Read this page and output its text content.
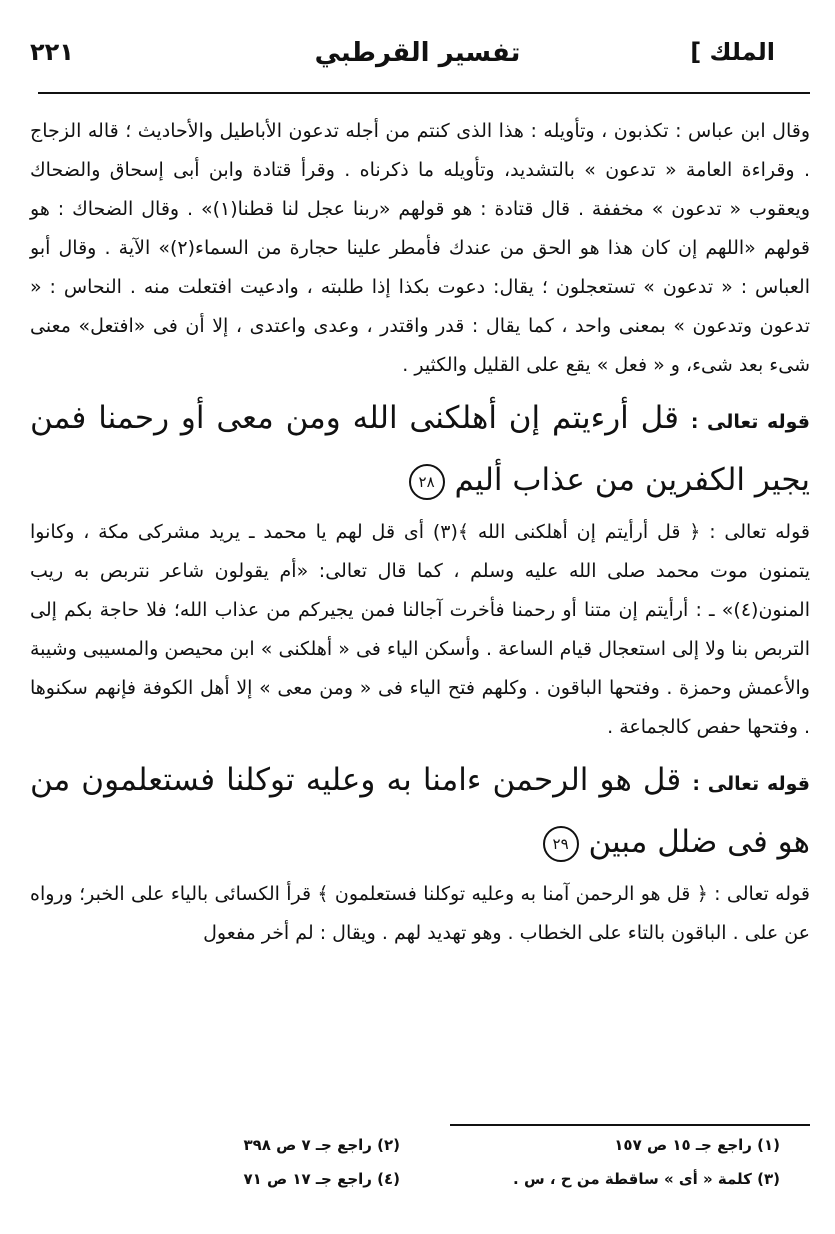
الملك ]
تفسير القرطبي
٢٢١

وقال ابن عباس : تكذبون ، وتأويله : هذا الذى كنتم من أجله تدعون الأباطيل والأحاديث ؛ قاله الزجاج . وقراءة العامة « تدعون » بالتشديد، وتأويله ما ذكرناه . وقرأ قتادة وابن أبى إسحاق والضحاك ويعقوب « تدعون » مخففة . قال قتادة : هو قولهم «ربنا عجل لنا قطنا(١)» . وقال الضحاك : هو قولهم «اللهم إن كان هذا هو الحق من عندك فأمطر علينا حجارة من السماء(٢)» الآية . وقال أبو العباس : « تدعون » تستعجلون ؛ يقال: دعوت بكذا إذا طلبته ، وادعيت افتعلت منه . النحاس : « تدعون وتدعون » بمعنى واحد ، كما يقال : قدر واقتدر ، وعدى واعتدى ، إلا أن فى «افتعل» معنى شىء بعد شىء، و « فعل » يقع على القليل والكثير .

قوله تعالى : قل أرءيتم إن أهلكنى الله ومن معى أو رحمنا فمن يجير الكفرين من عذاب أليم ٢٨

قوله تعالى : ﴿ قل أرأيتم إن أهلكنى الله ﴾(٣) أى قل لهم يا محمد ـ يريد مشركى مكة ، وكانوا يتمنون موت محمد صلى الله عليه وسلم ، كما قال تعالى: «أم يقولون شاعر نتربص به ريب المنون(٤)» ـ : أرأيتم إن متنا أو رحمنا فأخرت آجالنا فمن يجيركم من عذاب الله؛ فلا حاجة بكم إلى التربص بنا ولا إلى استعجال قيام الساعة . وأسكن الياء فى « أهلكنى » ابن محيصن والمسيبى وشيبة والأعمش وحمزة . وفتحها الباقون . وكلهم فتح الياء فى « ومن معى » إلا أهل الكوفة فإنهم سكنوها . وفتحها حفص كالجماعة .

قوله تعالى : قل هو الرحمن ءامنا به وعليه توكلنا فستعلمون من هو فى ضلل مبين ٢٩

قوله تعالى : ﴿ قل هو الرحمن آمنا به وعليه توكلنا فستعلمون ﴾ قرأ الكسائى بالياء على الخبر؛ ورواه عن على . الباقون بالتاء على الخطاب . وهو تهديد لهم . ويقال : لم أخر مفعول

(١) راجع جـ ١٥ ص ١٥٧
(٢) راجع جـ ٧ ص ٣٩٨
(٣) كلمة « أى » ساقطة من ح ، س .
(٤) راجع جـ ١٧ ص ٧١
